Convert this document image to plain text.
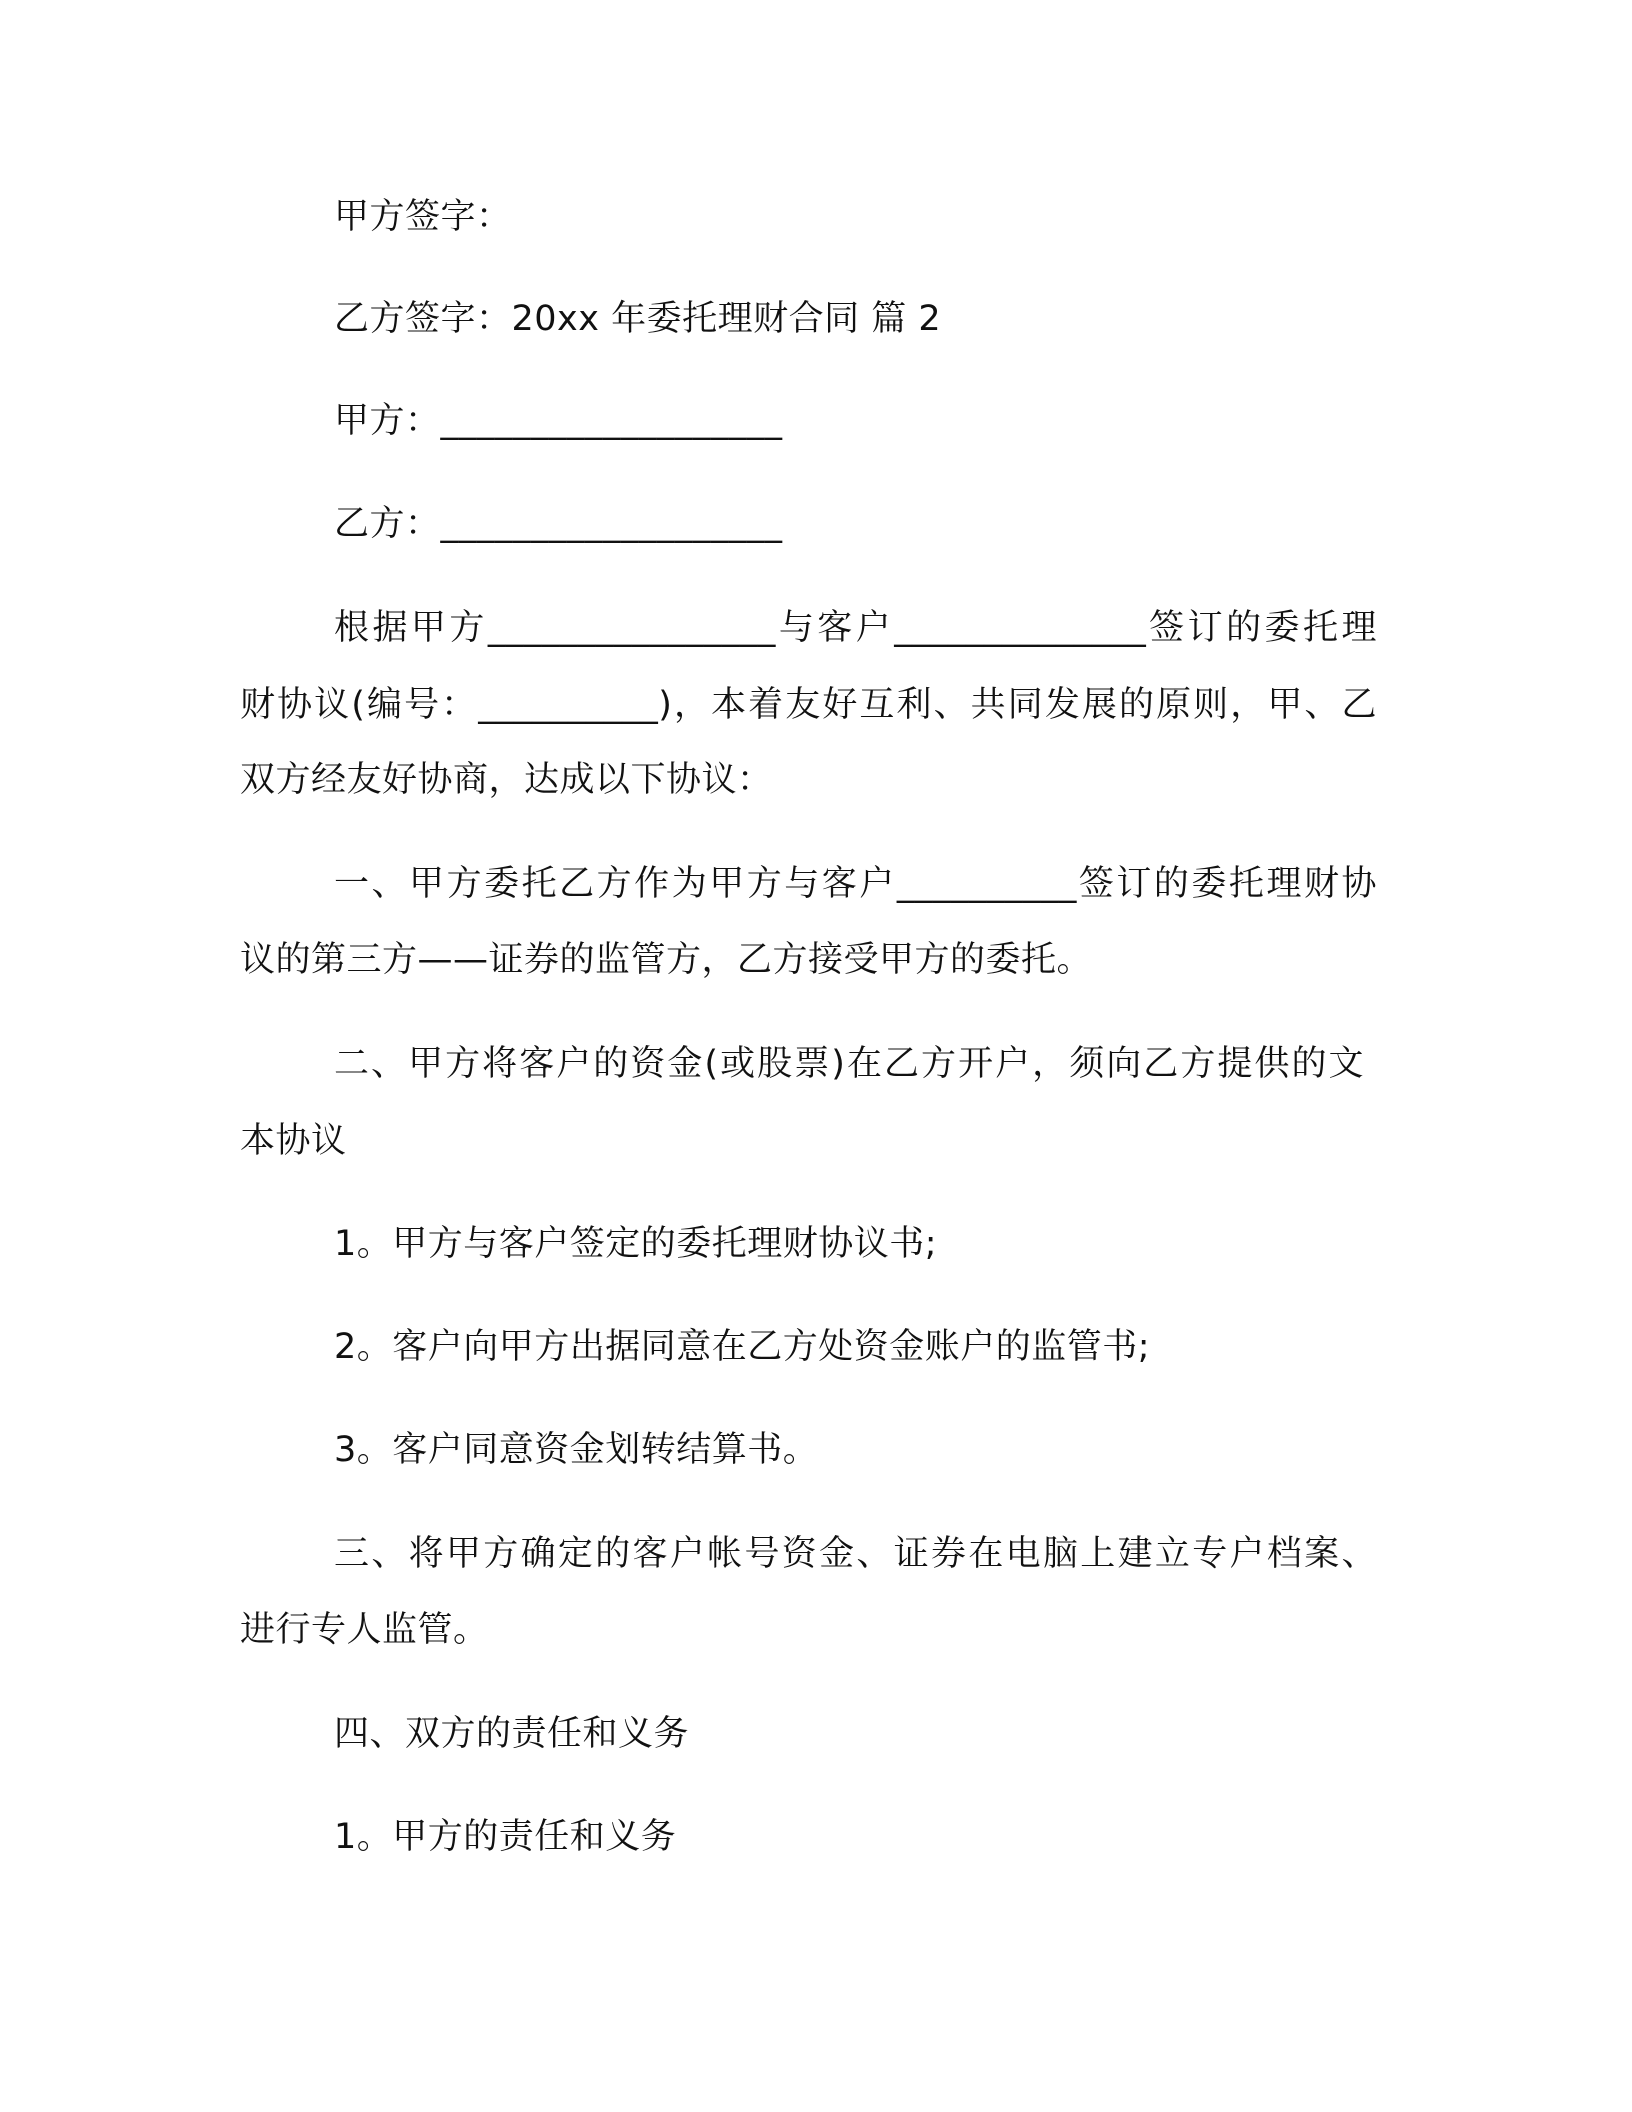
甲方签字：
乙方签字：20xx 年委托理财合同 篇 2
甲方：___________________
乙方：___________________
根据甲方________________与客户______________签订的委托理
财协议(编号：__________)，本着友好互利、共同发展的原则，甲、乙
双方经友好协商，达成以下协议：
一、甲方委托乙方作为甲方与客户__________签订的委托理财协
议的第三方——证券的监管方，乙方接受甲方的委托。
二、甲方将客户的资金(或股票)在乙方开户，须向乙方提供的文
本协议
1。甲方与客户签定的委托理财协议书;
2。客户向甲方出据同意在乙方处资金账户的监管书;
3。客户同意资金划转结算书。
三、将甲方确定的客户帐号资金、证券在电脑上建立专户档案、
进行专人监管。
四、双方的责任和义务
1。甲方的责任和义务
